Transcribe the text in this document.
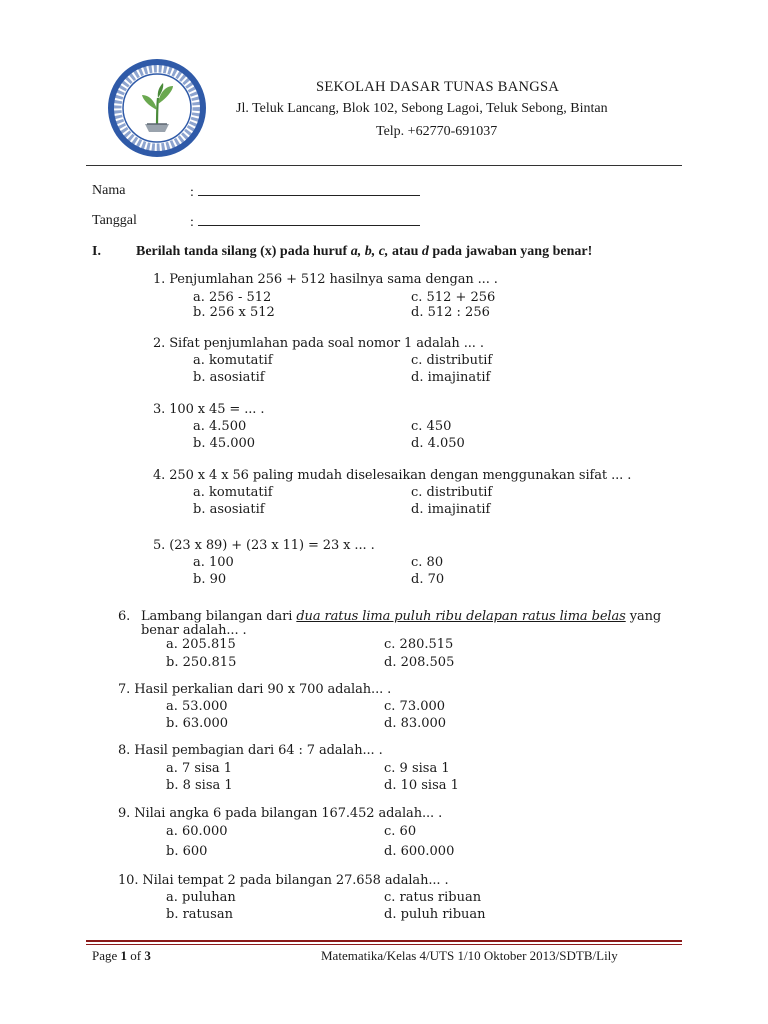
SEKOLAH DASAR TUNAS BANGSA
Jl. Teluk Lancang, Blok 102, Sebong Lagoi, Teluk Sebong, Bintan
Telp. +62770-691037
Nama	:
Tanggal	:
I.	Berilah tanda silang (x) pada huruf a, b, c, atau d pada jawaban yang benar!
1. Penjumlahan 256 + 512 hasilnya sama dengan ... .
a. 256 - 512	c. 512 + 256
b. 256 x 512	d. 512 : 256
2. Sifat penjumlahan pada soal nomor 1 adalah ... .
a. komutatif	c. distributif
b. asosiatif	d. imajinatif
3. 100 x 45 = ... .
a. 4.500	c. 450
b. 45.000	d. 4.050
4. 250 x 4 x 56 paling mudah diselesaikan dengan menggunakan sifat ... .
a. komutatif	c. distributif
b. asosiatif	d. imajinatif
5. (23 x 89) + (23 x 11) = 23 x ... .
a. 100	c. 80
b. 90	d. 70
6. Lambang bilangan dari dua ratus lima puluh ribu delapan ratus lima belas yang
benar adalah... .
a. 205.815	c. 280.515
b. 250.815	d. 208.505
7. Hasil perkalian dari 90 x 700 adalah... .
a. 53.000	c. 73.000
b. 63.000	d. 83.000
8. Hasil pembagian dari 64 : 7 adalah... .
a. 7 sisa 1	c. 9 sisa 1
b. 8 sisa 1	d. 10 sisa 1
9. Nilai angka 6 pada bilangan 167.452 adalah... .
a. 60.000	c. 60
b. 600	d. 600.000
10. Nilai tempat 2 pada bilangan 27.658 adalah... .
a. puluhan	c. ratus ribuan
b. ratusan	d. puluh ribuan
Page 1 of 3	Matematika/Kelas 4/UTS 1/10 Oktober 2013/SDTB/Lily
